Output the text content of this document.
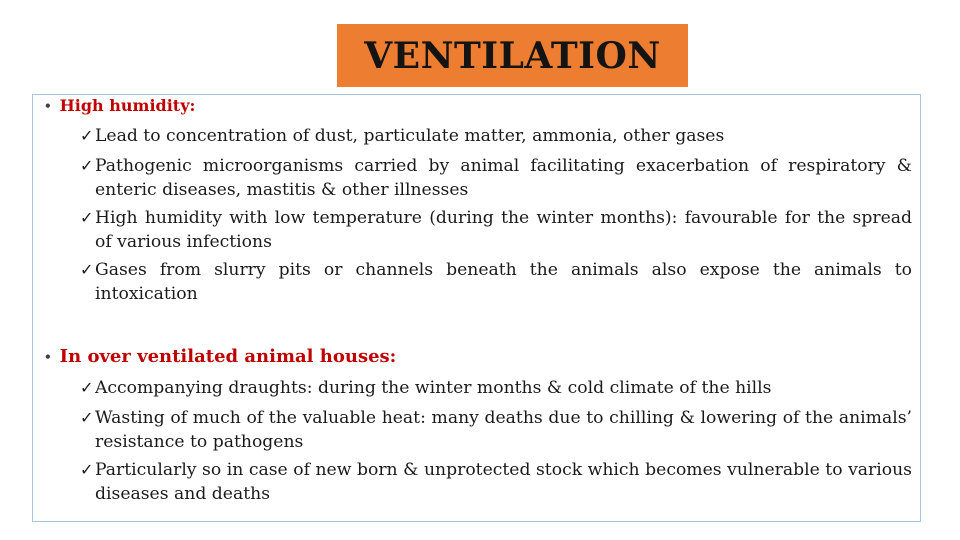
VENTILATION
• High humidity:
✓ Lead to concentration of dust, particulate matter, ammonia, other gases
✓ Pathogenic microorganisms carried by animal facilitating exacerbation of respiratory & enteric diseases, mastitis & other illnesses
✓ High humidity with low temperature (during the winter months): favourable for the spread of various infections
✓ Gases from slurry pits or channels beneath the animals also expose the animals to intoxication
• In over ventilated animal houses:
✓ Accompanying draughts: during the winter months & cold climate of the hills
✓ Wasting of much of the valuable heat: many deaths due to chilling & lowering of the animals’ resistance to pathogens
✓ Particularly so in case of new born & unprotected stock which becomes vulnerable to various diseases and deaths
